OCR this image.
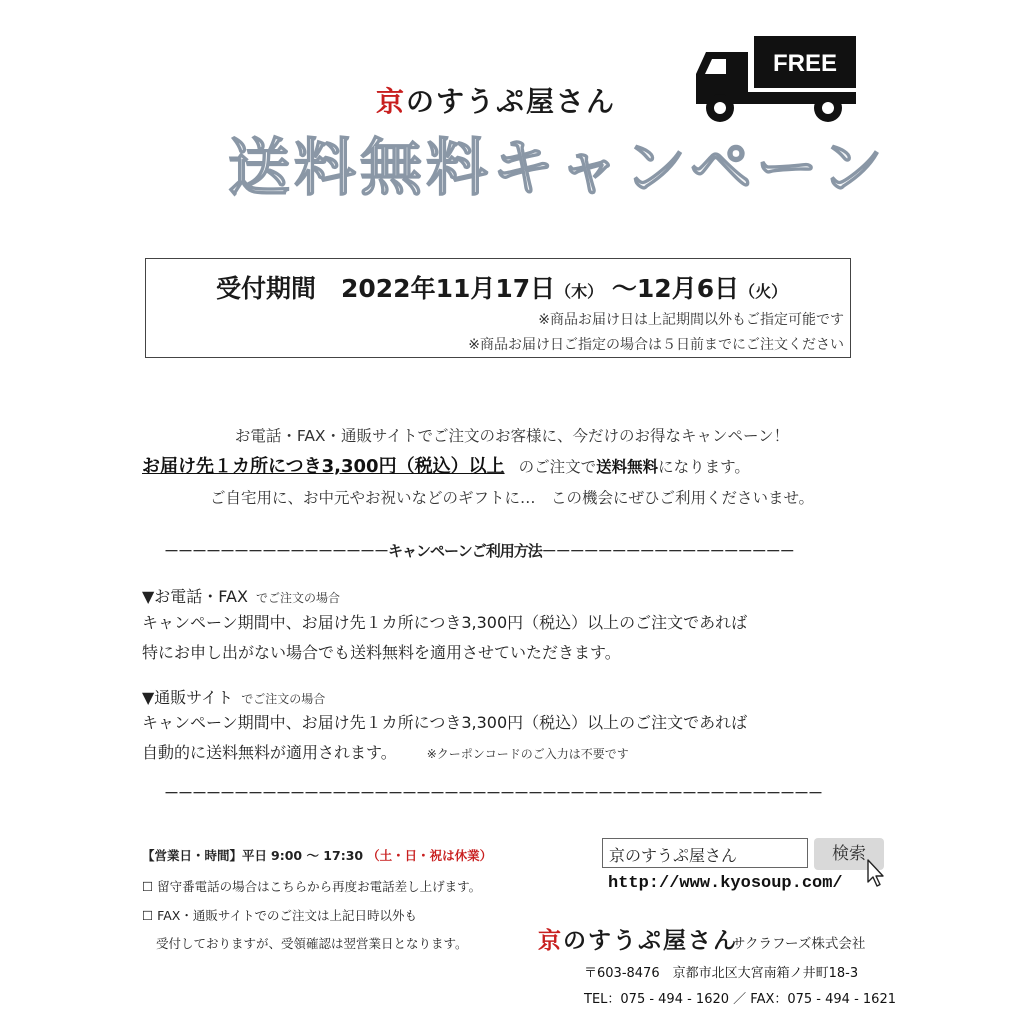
京のすうぷ屋さん
FREE
送料無料キャンペーン
受付期間　2022年11月17日（木） ～12月6日（火）
※商品お届け日は上記期間以外もご指定可能です
※商品お届け日ご指定の場合は５日前までにご注文ください
お電話・FAX・通販サイトでご注文のお客様に、今だけのお得なキャンペーン！
お届け先１カ所につき3,300円（税込）以上 のご注文で送料無料になります。
ご自宅用に、お中元やお祝いなどのギフトに…　この機会にぜひご利用くださいませ。
－－－－－－－－－－－－－－－－キャンペーンご利用方法－－－－－－－－－－－－－－－－－－
▼お電話・FAX でご注文の場合
キャンペーン期間中、お届け先１カ所につき3,300円（税込）以上のご注文であれば
特にお申し出がない場合でも送料無料を適用させていただきます。
▼通販サイト でご注文の場合
キャンペーン期間中、お届け先１カ所につき3,300円（税込）以上のご注文であれば
自動的に送料無料が適用されます。	※クーポンコードのご入力は不要です
－－－－－－－－－－－－－－－－－－－－－－－－－－－－－－－－－－－－－－－－－－－－－－－
【営業日・時間】平日 9:00 ～ 17:30 （土・日・祝は休業）
☐ 留守番電話の場合はこちらから再度お電話差し上げます。
☐ FAX・通販サイトでのご注文は上記日時以外も
受付しておりますが、受領確認は翌営業日となります。
京のすうぷ屋さん	検索
http://www.kyosoup.com/
京のすうぷ屋さん
サクラフーズ株式会社
〒603-8476　京都市北区大宮南箱ノ井町18-3
TEL：075 - 494 - 1620 ／ FAX：075 - 494 - 1621
